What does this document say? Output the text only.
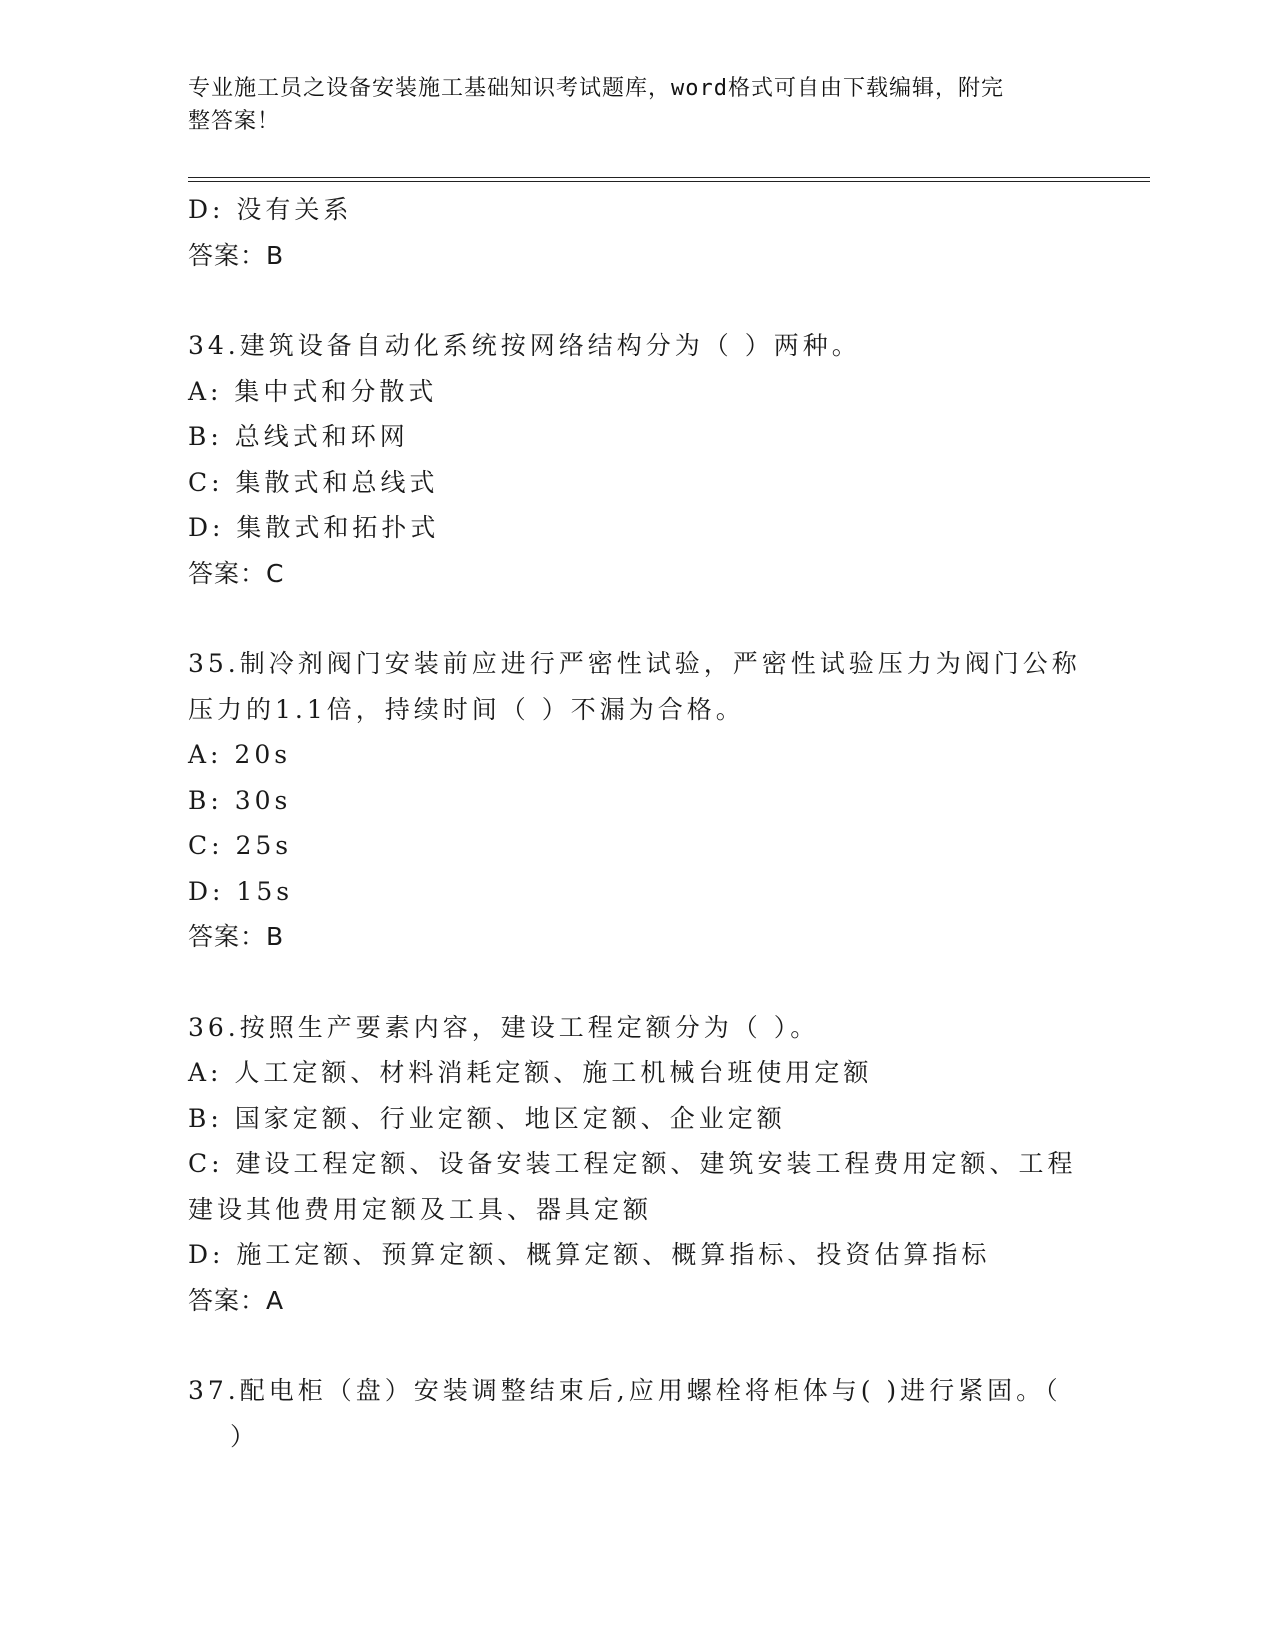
专业施工员之设备安装施工基础知识考试题库，word格式可自由下载编辑，附完
整答案！
D: 没有关系
答案：B
34.建筑设备自动化系统按网络结构分为（ ）两种。
A: 集中式和分散式
B: 总线式和环网
C: 集散式和总线式
D: 集散式和拓扑式
答案：C
35.制冷剂阀门安装前应进行严密性试验，严密性试验压力为阀门公称
压力的1.1倍，持续时间（ ）不漏为合格。
A: 20s
B: 30s
C: 25s
D: 15s
答案：B
36.按照生产要素内容，建设工程定额分为（ ）。
A: 人工定额、材料消耗定额、施工机械台班使用定额
B: 国家定额、行业定额、地区定额、企业定额
C: 建设工程定额、设备安装工程定额、建筑安装工程费用定额、工程
建设其他费用定额及工具、器具定额
D: 施工定额、预算定额、概算定额、概算指标、投资估算指标
答案：A
37.配电柜（盘）安装调整结束后,应用螺栓将柜体与( )进行紧固。（
）
